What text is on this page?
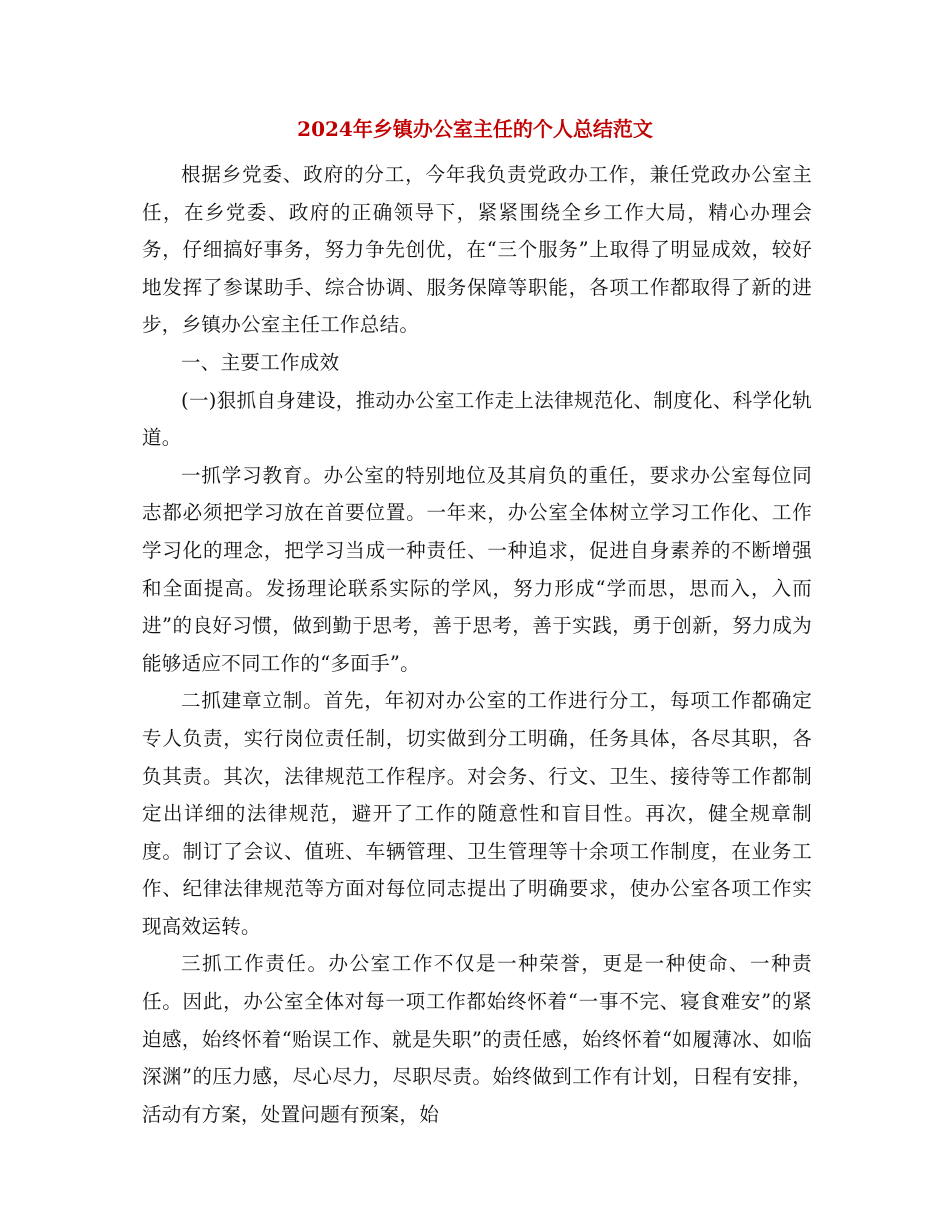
2024年乡镇办公室主任的个人总结范文

根据乡党委、政府的分工，今年我负责党政办工作，兼任党政办公室主任，在乡党委、政府的正确领导下，紧紧围绕全乡工作大局，精心办理会务，仔细搞好事务，努力争先创优，在“三个服务”上取得了明显成效，较好地发挥了参谋助手、综合协调、服务保障等职能，各项工作都取得了新的进步，乡镇办公室主任工作总结。

一、主要工作成效

(一)狠抓自身建设，推动办公室工作走上法律规范化、制度化、科学化轨道。

一抓学习教育。办公室的特别地位及其肩负的重任，要求办公室每位同志都必须把学习放在首要位置。一年来，办公室全体树立学习工作化、工作学习化的理念，把学习当成一种责任、一种追求，促进自身素养的不断增强和全面提高。发扬理论联系实际的学风，努力形成“学而思，思而入，入而进”的良好习惯，做到勤于思考，善于思考，善于实践，勇于创新，努力成为能够适应不同工作的“多面手”。

二抓建章立制。首先，年初对办公室的工作进行分工，每项工作都确定专人负责，实行岗位责任制，切实做到分工明确，任务具体，各尽其职，各负其责。其次，法律规范工作程序。对会务、行文、卫生、接待等工作都制定出详细的法律规范，避开了工作的随意性和盲目性。再次，健全规章制度。制订了会议、值班、车辆管理、卫生管理等十余项工作制度，在业务工作、纪律法律规范等方面对每位同志提出了明确要求，使办公室各项工作实现高效运转。

三抓工作责任。办公室工作不仅是一种荣誉，更是一种使命、一种责任。因此，办公室全体对每一项工作都始终怀着“一事不完、寝食难安”的紧迫感，始终怀着“贻误工作、就是失职”的责任感，始终怀着“如履薄冰、如临深渊”的压力感，尽心尽力，尽职尽责。始终做到工作有计划，日程有安排，活动有方案，处置问题有预案，始
